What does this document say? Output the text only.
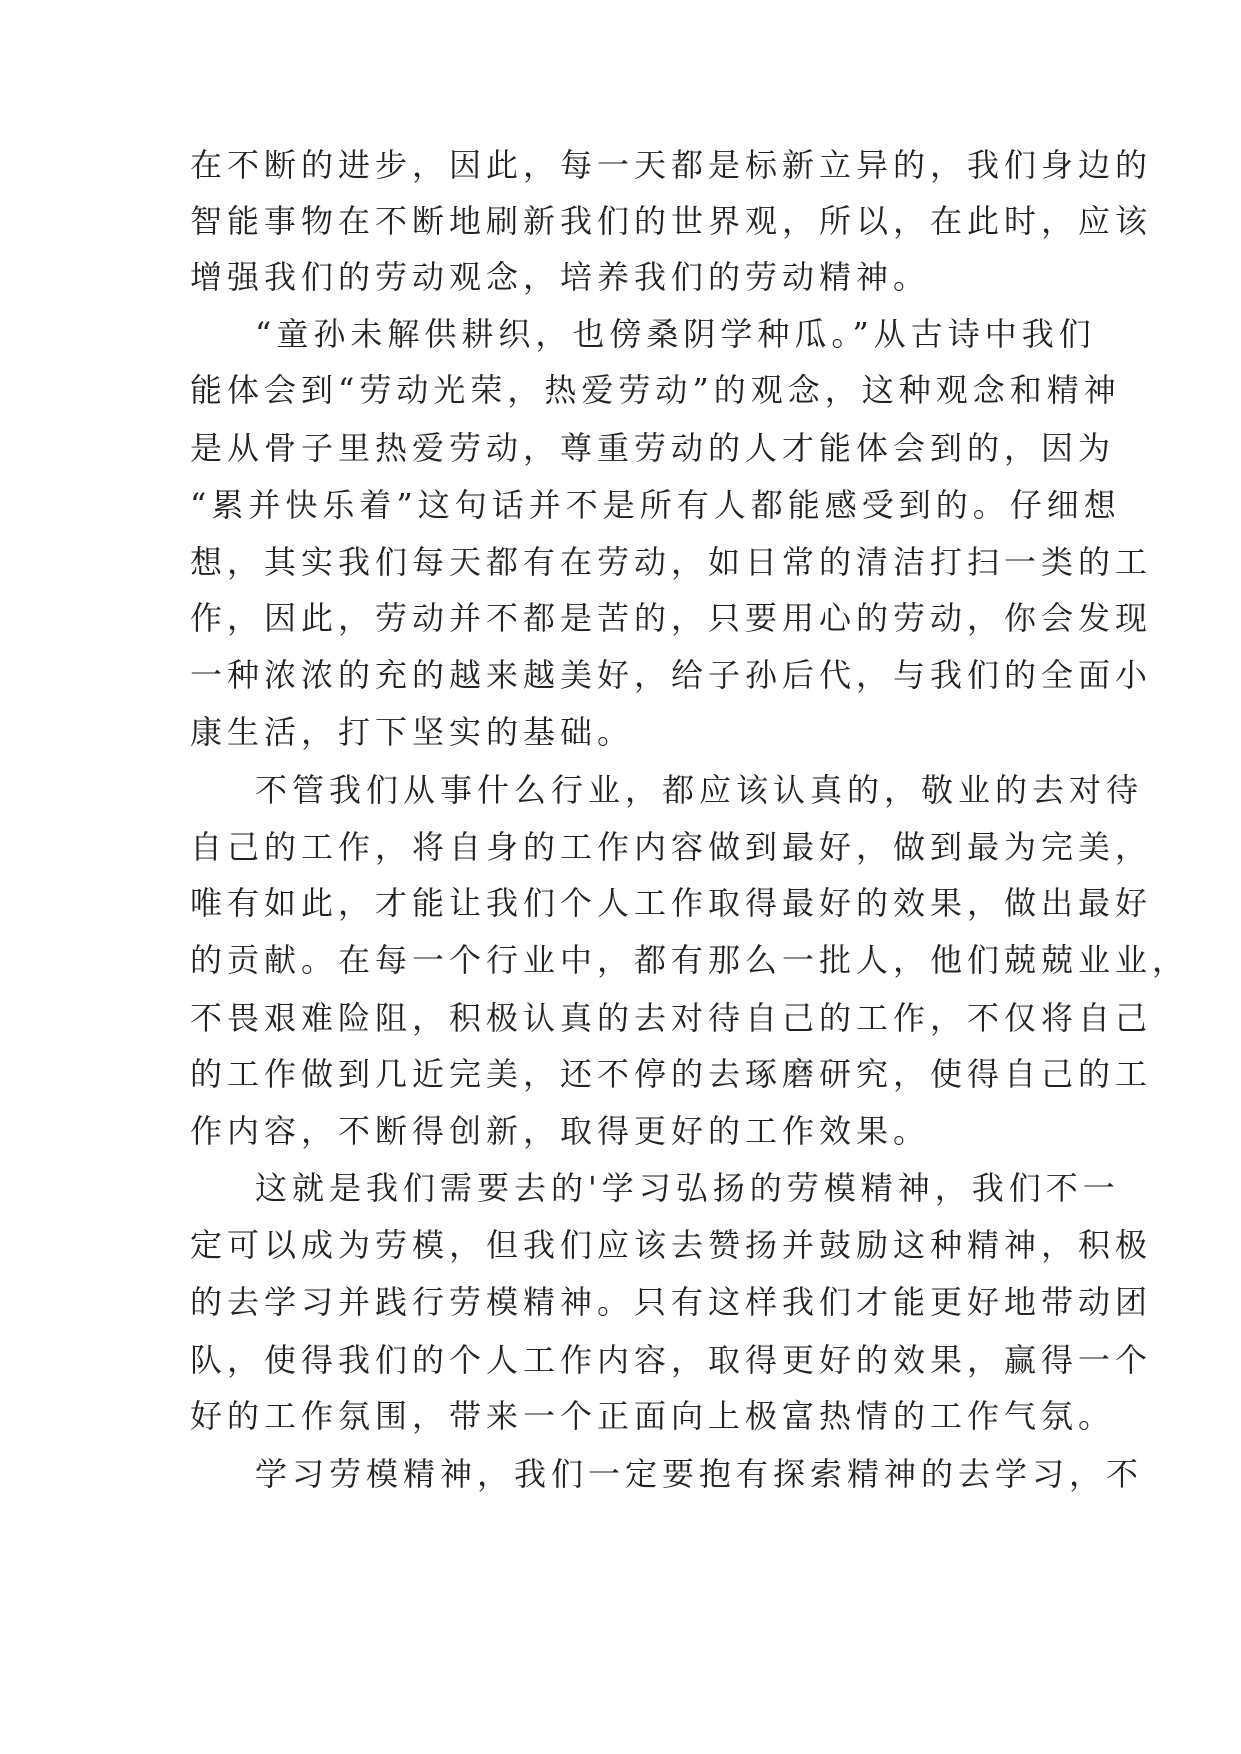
在不断的进步，因此，每一天都是标新立异的，我们身边的
智能事物在不断地刷新我们的世界观，所以，在此时，应该
增强我们的劳动观念，培养我们的劳动精神。
“童孙未解供耕织，也傍桑阴学种瓜。”从古诗中我们
能体会到“劳动光荣，热爱劳动”的观念，这种观念和精神
是从骨子里热爱劳动，尊重劳动的人才能体会到的，因为
“累并快乐着”这句话并不是所有人都能感受到的。仔细想
想，其实我们每天都有在劳动，如日常的清洁打扫一类的工
作，因此，劳动并不都是苦的，只要用心的劳动，你会发现
一种浓浓的充的越来越美好，给子孙后代，与我们的全面小
康生活，打下坚实的基础。
不管我们从事什么行业，都应该认真的，敬业的去对待
自己的工作，将自身的工作内容做到最好，做到最为完美，
唯有如此，才能让我们个人工作取得最好的效果，做出最好
的贡献。在每一个行业中，都有那么一批人，他们兢兢业业，
不畏艰难险阻，积极认真的去对待自己的工作，不仅将自己
的工作做到几近完美，还不停的去琢磨研究，使得自己的工
作内容，不断得创新，取得更好的工作效果。
这就是我们需要去的'学习弘扬的劳模精神，我们不一
定可以成为劳模，但我们应该去赞扬并鼓励这种精神，积极
的去学习并践行劳模精神。只有这样我们才能更好地带动团
队，使得我们的个人工作内容，取得更好的效果，赢得一个
好的工作氛围，带来一个正面向上极富热情的工作气氛。
学习劳模精神，我们一定要抱有探索精神的去学习，不
